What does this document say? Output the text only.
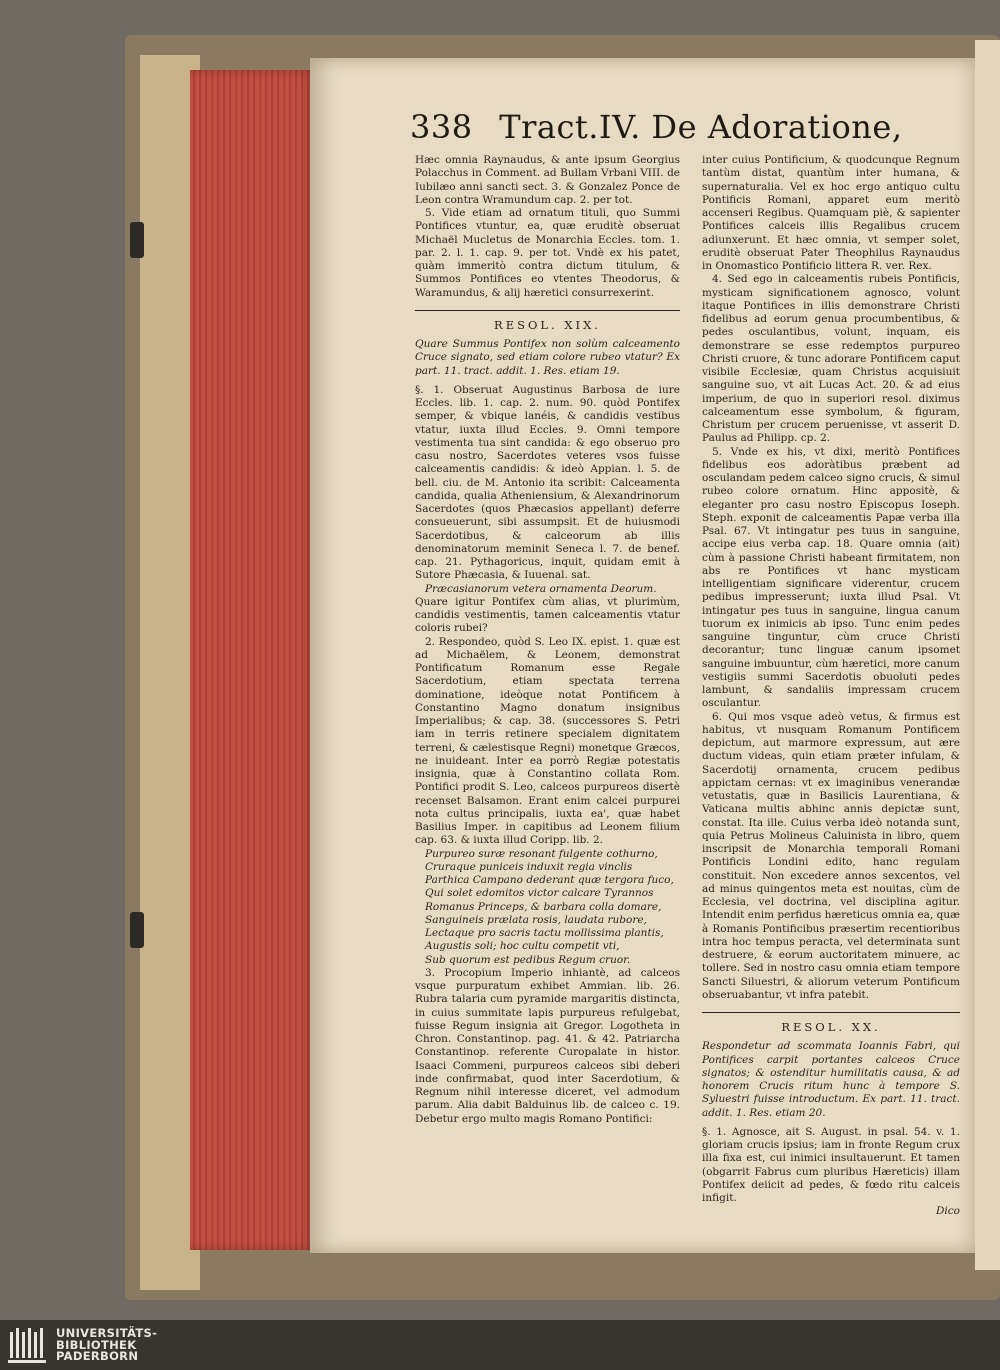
338 Tract.IV. De Adoratione,

Hæc omnia Raynaudus, & ante ipsum Georgius Polacchus in Comment. ad Bullam Vrbani VIII. de Iubilæo anni sancti sect. 3. & Gonzalez Ponce de Leon contra Wramundum cap. 2. per tot.

5. Vide etiam ad ornatum tituli, quo Summi Pontifices vtuntur, ea, quæ eruditè obseruat Michaël Mucletus de Monarchia Eccles. tom. 1. par. 2. l. 1. cap. 9. per tot. Vndè ex his patet, quàm immeritò contra dictum titulum, & Summos Pontifices eo vtentes Theodorus, & Waramundus, & alij hæretici consurrexerint.

RESOL. XIX.

Quare Summus Pontifex non solùm calceamento Cruce signato, sed etiam colore rubeo vtatur? Ex part. 11. tract. addit. 1. Res. etiam 19.

§. 1. Obseruat Augustinus Barbosa de iure Eccles. lib. 1. cap. 2. num. 90. quòd Pontifex semper, & vbique lanéis, & candidis vestibus vtatur, iuxta illud Eccles. 9. Omni tempore vestimenta tua sint candida: & ego obseruo pro casu nostro, Sacerdotes veteres vsos fuisse calceamentis candidis: & ideò Appian. l. 5. de bell. ciu. de M. Antonio ita scribit: Calceamenta candida, qualia Atheniensium, & Alexandrinorum Sacerdotes (quos Phæcasios appellant) deferre consueuerunt, sibi assumpsit. Et de huiusmodi Sacerdotibus, & calceorum ab illis denominatorum meminit Seneca l. 7. de benef. cap. 21. Pythagoricus, inquit, quidam emit à Sutore Phæcasia, & Iuuenal. sat.

Præcasianorum vetera ornamenta Deorum.

Quare igitur Pontifex cùm alias, vt plurimùm, candidis vestimentis, tamen calceamentis vtatur coloris rubei?

2. Respondeo, quòd S. Leo IX. epist. 1. quæ est ad Michaëlem, & Leonem, demonstrat Pontificatum Romanum esse Regale Sacerdotium, etiam spectata terrena dominatione, ideòque notat Pontificem à Constantino Magno donatum insignibus Imperialibus; & cap. 38. (successores S. Petri iam in terris retinere specialem dignitatem terreni, & cælestisque Regni) monetque Græcos, ne inuideant. Inter ea porrò Regiæ potestatis insignia, quæ à Constantino collata Rom. Pontifici prodit S. Leo, calceos purpureos disertè recenset Balsamon. Erant enim calcei purpurei nota cultus principalis, iuxta ea', quæ habet Basilius Imper. in capitibus ad Leonem filium cap. 63. & iuxta illud Coripp. lib. 2.

Purpureo suræ resonant fulgente cothurno,

Cruraque puniceis induxit regia vinclis

Parthica Campano dederant quæ tergora fuco,

Qui solet edomitos victor calcare Tyrannos

Romanus Princeps, & barbara colla domare,

Sanguineis prælata rosis, laudata rubore,

Lectaque pro sacris tactu mollissima plantis,

Augustis soli; hoc cultu competit vti,

Sub quorum est pedibus Regum cruor.

3. Procopium Imperio inhiantè, ad calceos vsque purpuratum exhibet Ammian. lib. 26. Rubra talaria cum pyramide margaritis distincta, in cuius summitate lapis purpureus refulgebat, fuisse Regum insignia ait Gregor. Logotheta in Chron. Constantinop. pag. 41. & 42. Patriarcha Constantinop. referente Curopalate in histor. Isaaci Commeni, purpureos calceos sibi deberi inde confirmabat, quod inter Sacerdotium, & Regnum nihil interesse diceret, vel admodum parum. Alia dabit Balduinus lib. de calceo c. 19. Debetur ergo multo magis Romano Pontifici:

inter cuius Pontificium, & quodcunque Regnum tantùm distat, quantùm inter humana, & supernaturalia. Vel ex hoc ergo antiquo cultu Pontificis Romani, apparet eum meritò accenseri Regibus. Quamquam piè, & sapienter Pontifices calceis illis Regalibus crucem adiunxerunt. Et hæc omnia, vt semper solet, eruditè obseruat Pater Theophilus Raynaudus in Onomastico Pontificio littera R. ver. Rex.

4. Sed ego in calceamentis rubeis Pontificis, mysticam significationem agnosco, volunt itaque Pontifices in illis demonstrare Christi fidelibus ad eorum genua procumbentibus, & pedes osculantibus, volunt, inquam, eis demonstrare se esse redemptos purpureo Christi cruore, & tunc adorare Pontificem caput visibile Ecclesiæ, quam Christus acquisiuit sanguine suo, vt ait Lucas Act. 20. & ad eius imperium, de quo in superiori resol. diximus calceamentum esse symbolum, & figuram, Christum per crucem peruenisse, vt asserit D. Paulus ad Philipp. cp. 2.

5. Vnde ex his, vt dixi, meritò Pontifices fidelibus eos adoràtibus præbent ad osculandam pedem calceo signo crucis, & simul rubeo colore ornatum. Hinc appositè, & eleganter pro casu nostro Episcopus Ioseph. Steph. exponit de calceamentis Papæ verba illa Psal. 67. Vt intingatur pes tuus in sanguine, accipe eius verba cap. 18. Quare omnia (ait) cùm à passione Christi habeant firmitatem, non abs re Pontifices vt hanc mysticam intelligentiam significare viderentur, crucem pedibus impresserunt; iuxta illud Psal. Vt intingatur pes tuus in sanguine, lingua canum tuorum ex inimicis ab ipso. Tunc enim pedes sanguine tinguntur, cùm cruce Christi decorantur; tunc linguæ canum ipsomet sanguine imbuuntur, cùm hæretici, more canum vestigiis summi Sacerdotis obuoluti pedes lambunt, & sandaliis impressam crucem osculantur.

6. Qui mos vsque adeò vetus, & firmus est habitus, vt nusquam Romanum Pontificem depictum, aut marmore expressum, aut ære ductum videas, quin etiam præter infulam, & Sacerdotij ornamenta, crucem pedibus appictam cernas: vt ex imaginibus venerandæ vetustatis, quæ in Basilicis Laurentiana, & Vaticana multis abhinc annis depictæ sunt, constat. Ita ille. Cuius verba ideò notanda sunt, quia Petrus Molineus Caluinista in libro, quem inscripsit de Monarchia temporali Romani Pontificis Londini edito, hanc regulam constituit. Non excedere annos sexcentos, vel ad minus quingentos meta est nouitas, cùm de Ecclesia, vel doctrina, vel disciplina agitur. Intendit enim perfidus hæreticus omnia ea, quæ à Romanis Pontificibus præsertim recentioribus intra hoc tempus peracta, vel determinata sunt destruere, & eorum auctoritatem minuere, ac tollere. Sed in nostro casu omnia etiam tempore Sancti Siluestri, & aliorum veterum Pontificum obseruabantur, vt infra patebit.

RESOL. XX.

Respondetur ad scommata Ioannis Fabri, qui Pontifices carpit portantes calceos Cruce signatos; & ostenditur humilitatis causa, & ad honorem Crucis ritum hunc à tempore S. Syluestri fuisse introductum. Ex part. 11. tract. addit. 1. Res. etiam 20.

§. 1. Agnosce, ait S. August. in psal. 54. v. 1. gloriam crucis ipsius; iam in fronte Regum crux illa fixa est, cui inimici insultauerunt. Et tamen (obgarrit Fabrus cum pluribus Hæreticis) illam Pontifex deiicit ad pedes, & fœdo ritu calceis infigit.

Dico

UNIVERSITÄTS-
BIBLIOTHEK
PADERBORN
